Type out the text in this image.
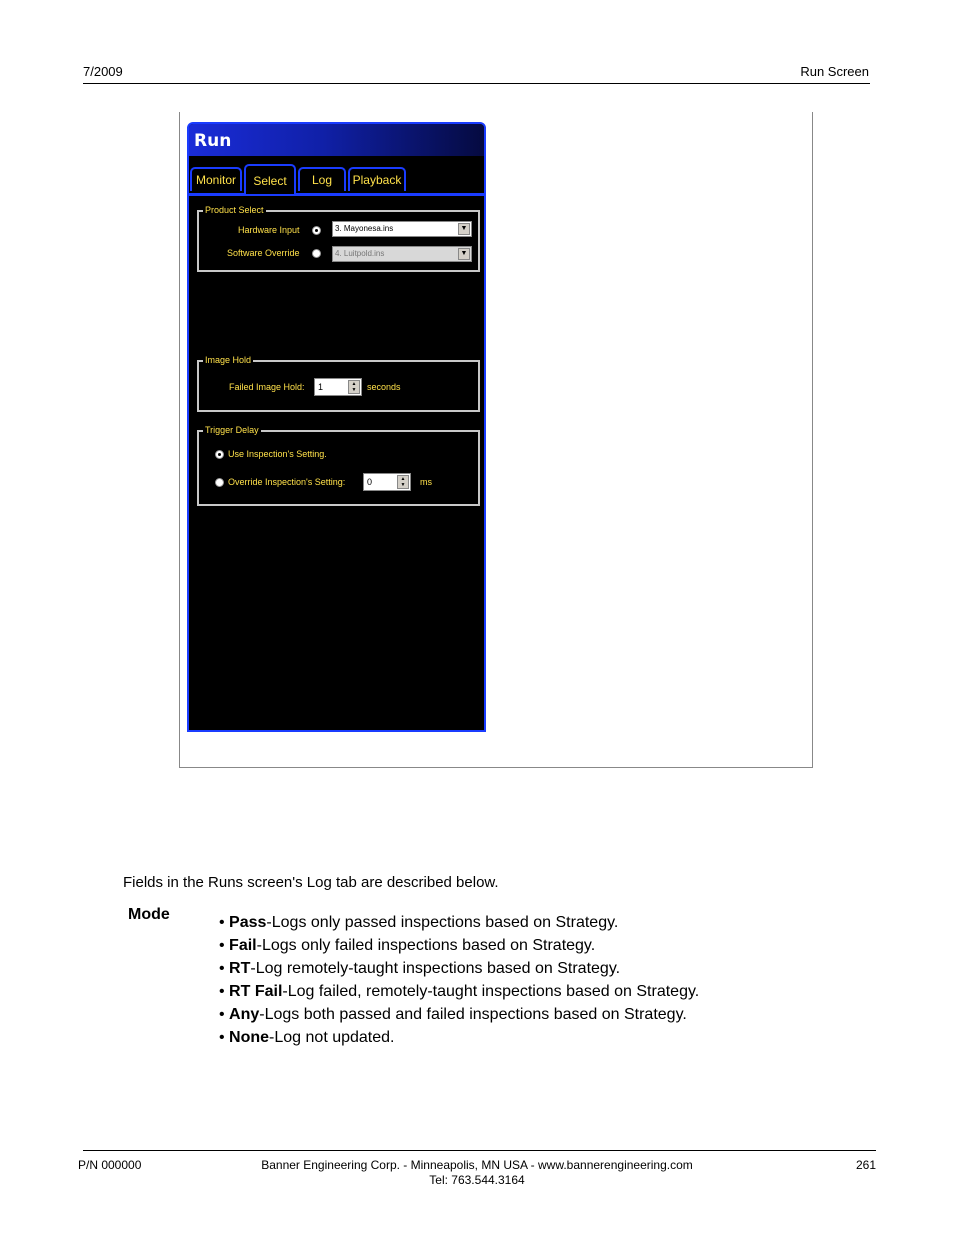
7/2009	Run Screen
Run
Monitor	Select	Log	Playback
Product Select
Hardware Input	3. Mayonesa.ins	▼
Software Override	4. Luitpold.ins	▼
Image Hold
Failed Image Hold:	1	▲
▼	seconds
Trigger Delay
Use Inspection's Setting.
Override Inspection's Setting:	0	▲
▼	ms
Fields in the Runs screen's Log tab are described below.
Mode	• Pass-Logs only passed inspections based on Strategy.
• Fail-Logs only failed inspections based on Strategy.
• RT-Log remotely-taught inspections based on Strategy.
• RT Fail-Log failed, remotely-taught inspections based on Strategy.
• Any-Logs both passed and failed inspections based on Strategy.
• None-Log not updated.
P/N 000000	Banner Engineering Corp. - Minneapolis, MN USA - www.bannerengineering.com
Tel: 763.544.3164
261
